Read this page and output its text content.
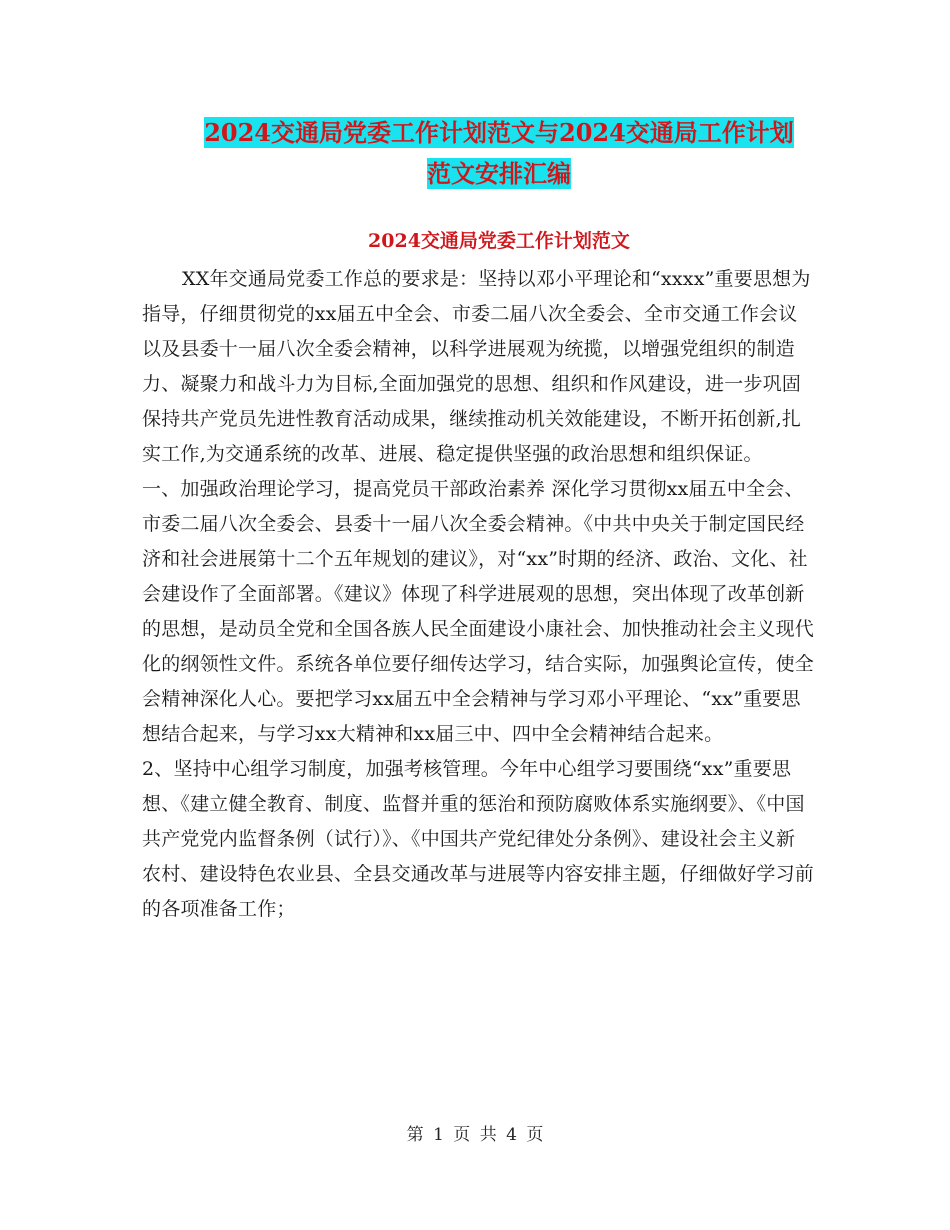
2024交通局党委工作计划范文与2024交通局工作计划
范文安排汇编
2024交通局党委工作计划范文

XX年交通局党委工作总的要求是：坚持以邓小平理论和“xxxx”重要思想为指导，仔细贯彻党的xx届五中全会、市委二届八次全委会、全市交通工作会议以及县委十一届八次全委会精神，以科学进展观为统揽，以增强党组织的制造力、凝聚力和战斗力为目标,全面加强党的思想、组织和作风建设，进一步巩固保持共产党员先进性教育活动成果，继续推动机关效能建设，不断开拓创新,扎实工作,为交通系统的改革、进展、稳定提供坚强的政治思想和组织保证。

一、加强政治理论学习，提高党员干部政治素养 深化学习贯彻xx届五中全会、市委二届八次全委会、县委十一届八次全委会精神。《中共中央关于制定国民经济和社会进展第十二个五年规划的建议》，对“xx”时期的经济、政治、文化、社会建设作了全面部署。《建议》体现了科学进展观的思想，突出体现了改革创新的思想，是动员全党和全国各族人民全面建设小康社会、加快推动社会主义现代化的纲领性文件。系统各单位要仔细传达学习，结合实际，加强舆论宣传，使全会精神深化人心。要把学习xx届五中全会精神与学习邓小平理论、“xx”重要思想结合起来，与学习xx大精神和xx届三中、四中全会精神结合起来。

2、坚持中心组学习制度，加强考核管理。今年中心组学习要围绕“xx”重要思想、《建立健全教育、制度、监督并重的惩治和预防腐败体系实施纲要》、《中国共产党党内监督条例（试行）》、《中国共产党纪律处分条例》、建设社会主义新农村、建设特色农业县、全县交通改革与进展等内容安排主题，仔细做好学习前的各项准备工作；

第 1 页 共 4 页
